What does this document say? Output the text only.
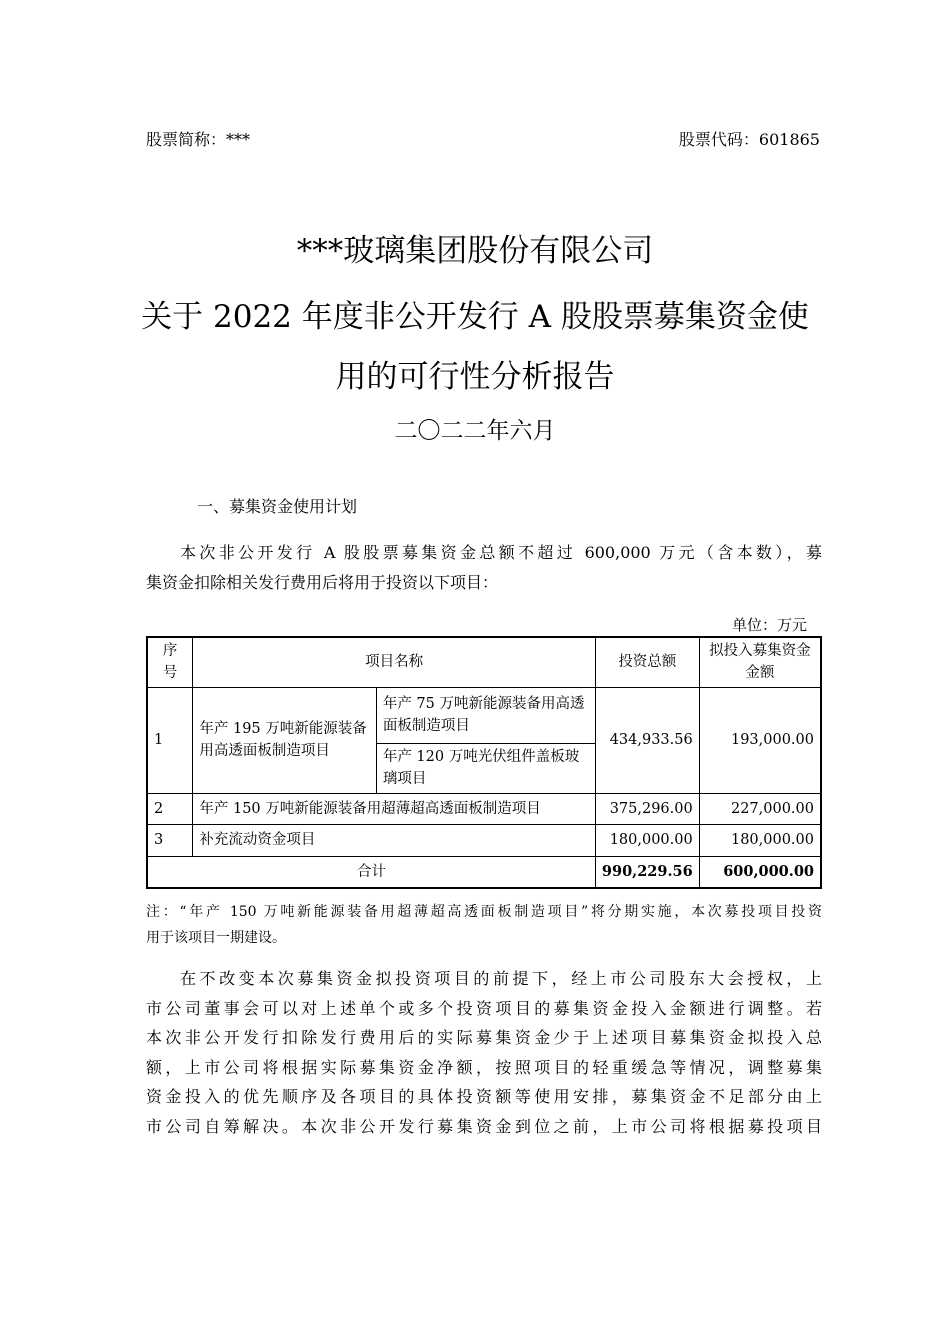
股票简称：***	股票代码：601865
***玻璃集团股份有限公司
关于 2022 年度非公开发行 A 股股票募集资金使
用的可行性分析报告
二〇二二年六月
一、募集资金使用计划
本次非公开发行 A 股股票募集资金总额不超过 600,000 万元（含本数），募
集资金扣除相关发行费用后将用于投资以下项目：
单位：万元
序号	项目名称		投资总额	拟投入募集资金金额
1	年产 195 万吨新能源装备用高透面板制造项目	年产 75 万吨新能源装备用高透面板制造项目	434,933.56	193,000.00
		年产 120 万吨光伏组件盖板玻璃项目		
2	年产 150 万吨新能源装备用超薄超高透面板制造项目		375,296.00	227,000.00
3	补充流动资金项目		180,000.00	180,000.00
合计			990,229.56	600,000.00
注：“年产 150 万吨新能源装备用超薄超高透面板制造项目”将分期实施，本次募投项目投资
用于该项目一期建设。
在不改变本次募集资金拟投资项目的前提下，经上市公司股东大会授权，上
市公司董事会可以对上述单个或多个投资项目的募集资金投入金额进行调整。若
本次非公开发行扣除发行费用后的实际募集资金少于上述项目募集资金拟投入总
额，上市公司将根据实际募集资金净额，按照项目的轻重缓急等情况，调整募集
资金投入的优先顺序及各项目的具体投资额等使用安排，募集资金不足部分由上
市公司自筹解决。本次非公开发行募集资金到位之前，上市公司将根据募投项目
